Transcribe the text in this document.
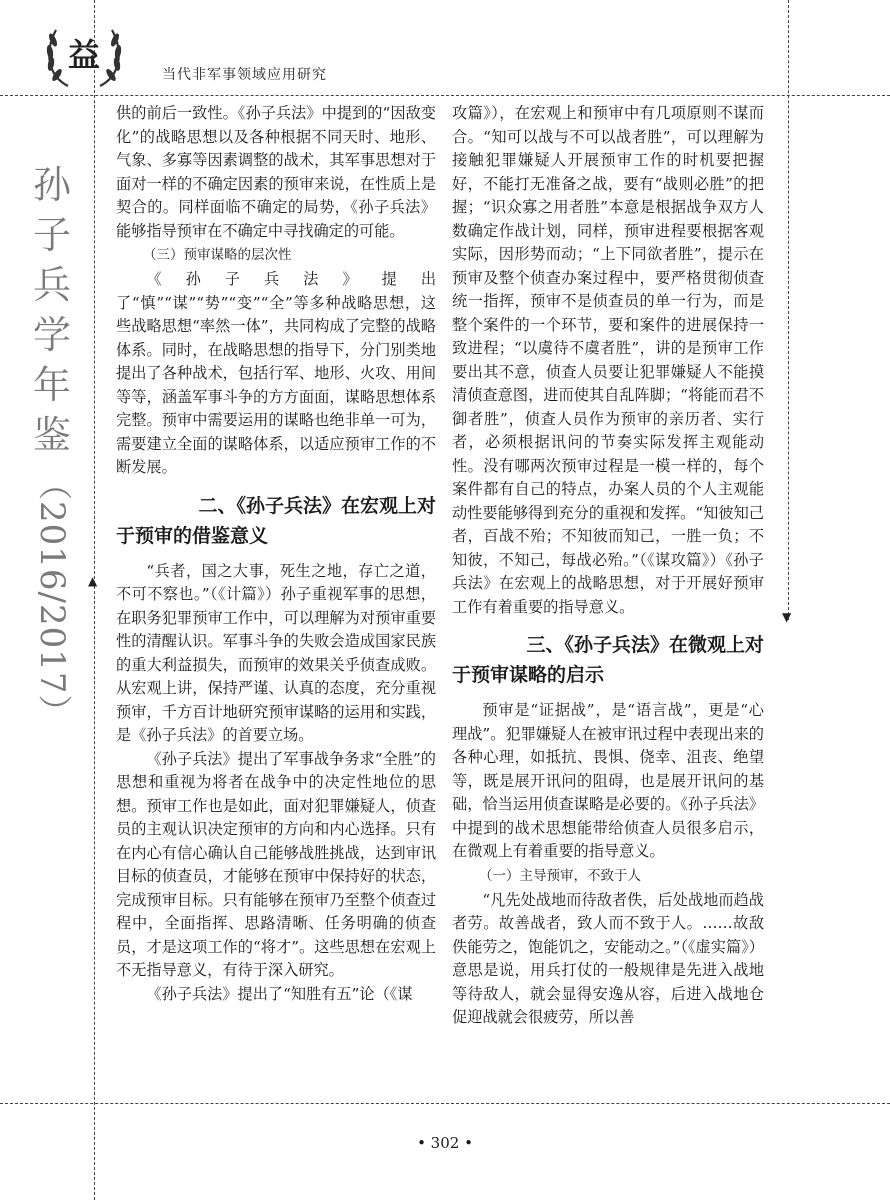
益
当代非军事领域应用研究
孙子兵学年鉴
（2016/2017）	▲
▼

供的前后一致性。《孙子兵法》中提到的“因敌变化”的战略思想以及各种根据不同天时、地形、气象、多寡等因素调整的战术，其军事思想对于面对一样的不确定因素的预审来说，在性质上是契合的。同样面临不确定的局势，《孙子兵法》能够指导预审在不确定中寻找确定的可能。

（三）预审谋略的层次性

《孙子兵法》提出了“慎”“谋”“势”“变”“全”等多种战略思想，这些战略思想“率然一体”，共同构成了完整的战略体系。同时，在战略思想的指导下，分门别类地提出了各种战术，包括行军、地形、火攻、用间等等，涵盖军事斗争的方方面面，谋略思想体系完整。预审中需要运用的谋略也绝非单一可为，需要建立全面的谋略体系，以适应预审工作的不断发展。

二、《孙子兵法》在宏观上对
于预审的借鉴意义

“兵者，国之大事，死生之地，存亡之道，不可不察也。”（《计篇》）孙子重视军事的思想，在职务犯罪预审工作中，可以理解为对预审重要性的清醒认识。军事斗争的失败会造成国家民族的重大利益损失，而预审的效果关乎侦查成败。从宏观上讲，保持严谨、认真的态度，充分重视预审，千方百计地研究预审谋略的运用和实践，是《孙子兵法》的首要立场。

《孙子兵法》提出了军事战争务求“全胜”的思想和重视为将者在战争中的决定性地位的思想。预审工作也是如此，面对犯罪嫌疑人，侦查员的主观认识决定预审的方向和内心选择。只有在内心有信心确认自己能够战胜挑战，达到审讯目标的侦查员，才能够在预审中保持好的状态，完成预审目标。只有能够在预审乃至整个侦查过程中，全面指挥、思路清晰、任务明确的侦查员，才是这项工作的“将才”。这些思想在宏观上不无指导意义，有待于深入研究。

《孙子兵法》提出了“知胜有五”论（《谋

攻篇》），在宏观上和预审中有几项原则不谋而合。“知可以战与不可以战者胜”，可以理解为接触犯罪嫌疑人开展预审工作的时机要把握好，不能打无准备之战，要有“战则必胜”的把握；“识众寡之用者胜”本意是根据战争双方人数确定作战计划，同样，预审进程要根据客观实际，因形势而动；“上下同欲者胜”，提示在预审及整个侦查办案过程中，要严格贯彻侦查统一指挥，预审不是侦查员的单一行为，而是整个案件的一个环节，要和案件的进展保持一致进程；“以虞待不虞者胜”，讲的是预审工作要出其不意，侦查人员要让犯罪嫌疑人不能摸清侦查意图，进而使其自乱阵脚；“将能而君不御者胜”，侦查人员作为预审的亲历者、实行者，必须根据讯问的节奏实际发挥主观能动性。没有哪两次预审过程是一模一样的，每个案件都有自己的特点，办案人员的个人主观能动性要能够得到充分的重视和发挥。“知彼知己者，百战不殆；不知彼而知己，一胜一负；不知彼，不知己，每战必殆。”（《谋攻篇》）《孙子兵法》在宏观上的战略思想，对于开展好预审工作有着重要的指导意义。

三、《孙子兵法》在微观上对
于预审谋略的启示

预审是“证据战”，是“语言战”，更是“心理战”。犯罪嫌疑人在被审讯过程中表现出来的各种心理，如抵抗、畏惧、侥幸、沮丧、绝望等，既是展开讯问的阻碍，也是展开讯问的基础，恰当运用侦查谋略是必要的。《孙子兵法》中提到的战术思想能带给侦查人员很多启示，在微观上有着重要的指导意义。

（一）主导预审，不致于人

“凡先处战地而待敌者佚，后处战地而趋战者劳。故善战者，致人而不致于人。……故敌佚能劳之，饱能饥之，安能动之。”（《虚实篇》）意思是说，用兵打仗的一般规律是先进入战地等待敌人，就会显得安逸从容，后进入战地仓促迎战就会很疲劳，所以善

• 302 •
